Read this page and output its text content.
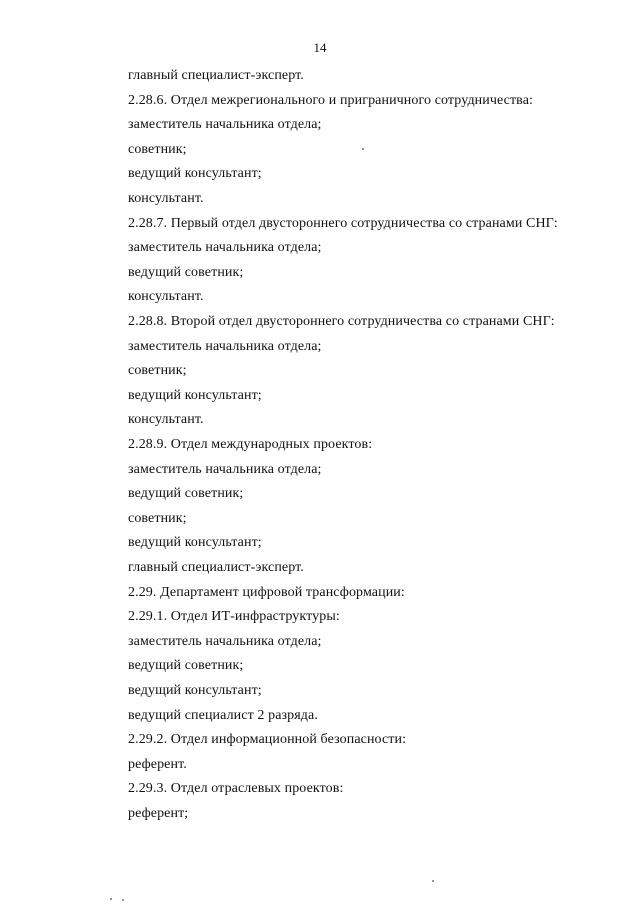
14
главный специалист-эксперт.
2.28.6. Отдел межрегионального и приграничного сотрудничества:
заместитель начальника отдела;
советник;
ведущий консультант;
консультант.
2.28.7. Первый отдел двустороннего сотрудничества со странами СНГ:
заместитель начальника отдела;
ведущий советник;
консультант.
2.28.8. Второй отдел двустороннего сотрудничества со странами СНГ:
заместитель начальника отдела;
советник;
ведущий консультант;
консультант.
2.28.9. Отдел международных проектов:
заместитель начальника отдела;
ведущий советник;
советник;
ведущий консультант;
главный специалист-эксперт.
2.29. Департамент цифровой трансформации:
2.29.1. Отдел ИТ-инфраструктуры:
заместитель начальника отдела;
ведущий советник;
ведущий консультант;
ведущий специалист 2 разряда.
2.29.2. Отдел информационной безопасности:
референт.
2.29.3. Отдел отраслевых проектов:
референт;
